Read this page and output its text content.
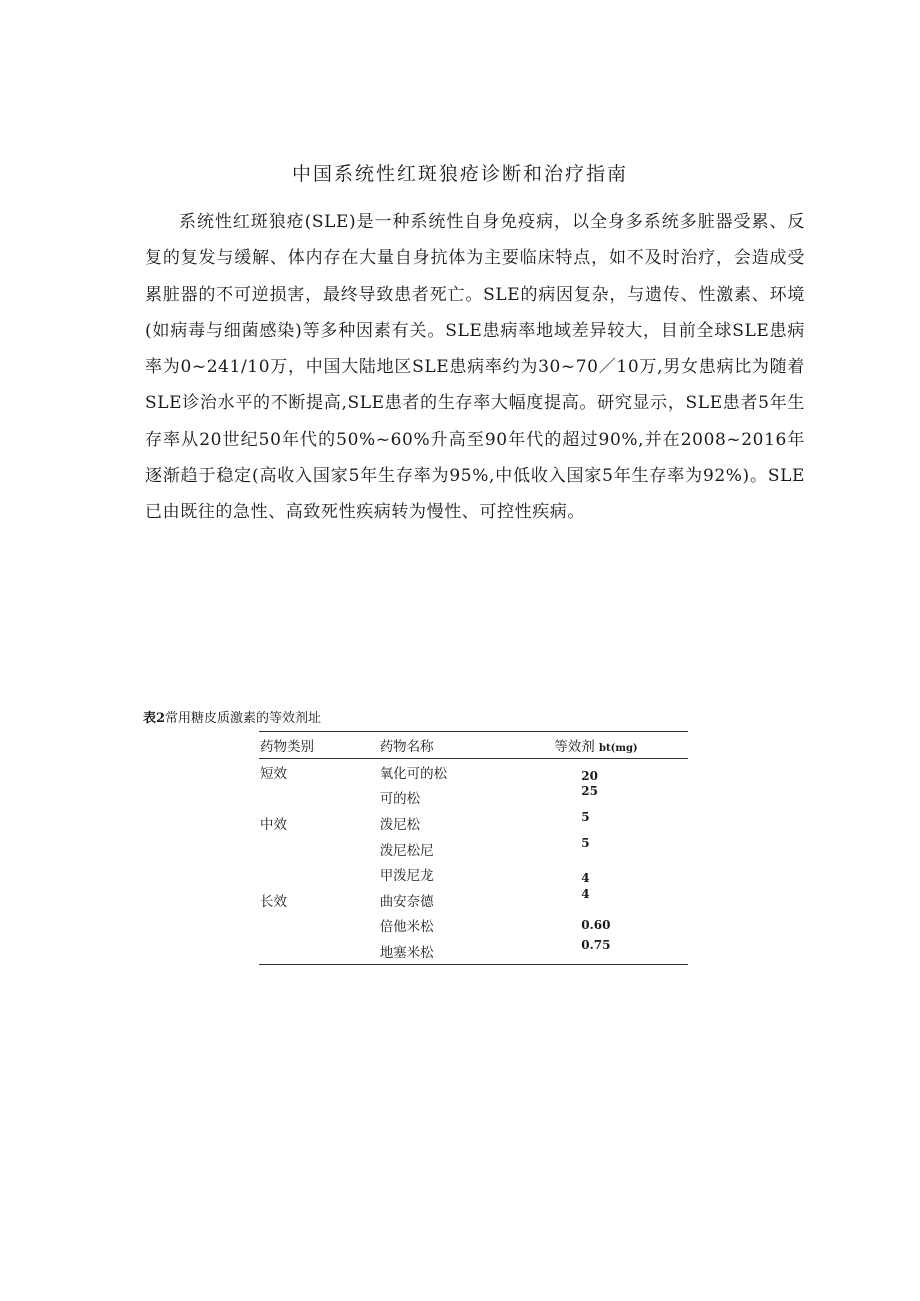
中国系统性红斑狼疮诊断和治疗指南

系统性红斑狼疮(SLE)是一种系统性自身免疫病，以全身多系统多脏器受累、反复的复发与缓解、体内存在大量自身抗体为主要临床特点，如不及时治疗，会造成受累脏器的不可逆损害，最终导致患者死亡。SLE的病因复杂，与遗传、性激素、环境(如病毒与细菌感染)等多种因素有关。SLE患病率地域差异较大，目前全球SLE患病率为0~241/10万，中国大陆地区SLE患病率约为30~70／10万,男女患病比为随着SLE诊治水平的不断提高,SLE患者的生存率大幅度提高。研究显示，SLE患者5年生存率从20世纪50年代的50%~60%升高至90年代的超过90%,并在2008~2016年逐渐趋于稳定(高收入国家5年生存率为95%,中低收入国家5年生存率为92%)。SLE已由既往的急性、高致死性疾病转为慢性、可控性疾病。

表2常用糖皮质激素的等效剂址
药物类别	药物名称	等效剂 bt(mg)
短效	氧化可的松	20
	可的松	25
中效	泼尼松	5
	泼尼松尼	5
	甲泼尼龙	4
长效	曲安奈德	4
	倍他米松	0.60
	地塞米松	0.75
